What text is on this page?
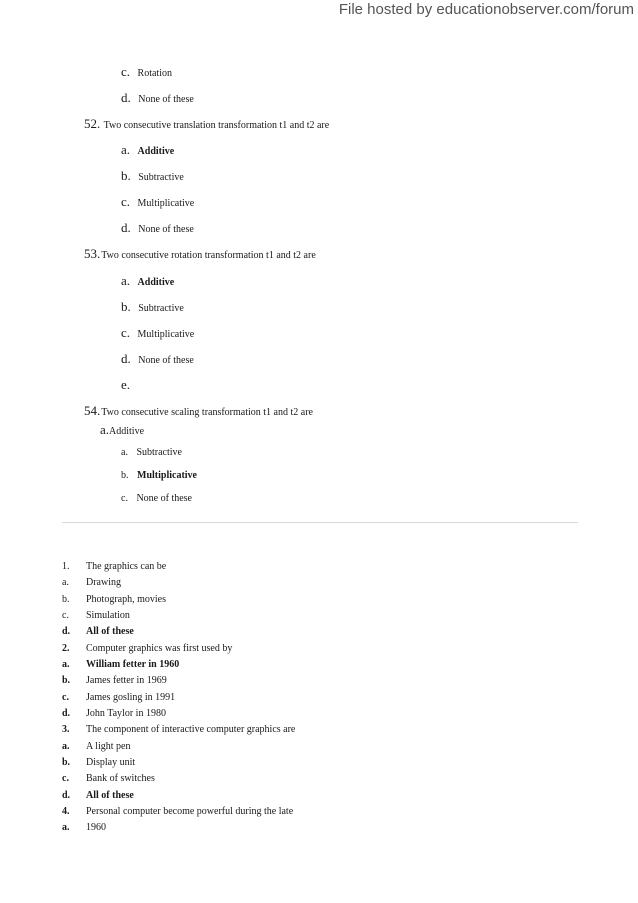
File hosted by educationobserver.com/forum
c. Rotation
d. None of these
52. Two consecutive translation transformation t1 and t2 are
a. Additive
b. Subtractive
c. Multiplicative
d. None of these
53.Two consecutive rotation transformation t1 and t2 are
a. Additive
b. Subtractive
c. Multiplicative
d. None of these
e.
54.Two consecutive scaling transformation t1 and t2 are
a.Additive
a. Subtractive
b. Multiplicative
c. None of these
1.	The graphics can be
a.	Drawing
b.	Photograph, movies
c.	Simulation
d.	All of these
2.	Computer graphics was first used by
a.	William fetter in 1960
b.	James fetter in 1969
c.	James gosling in 1991
d.	John Taylor in 1980
3.	The component of interactive computer graphics are
a.	A light pen
b.	Display unit
c.	Bank of switches
d.	All of these
4.	Personal computer become powerful during the late
a.	1960
